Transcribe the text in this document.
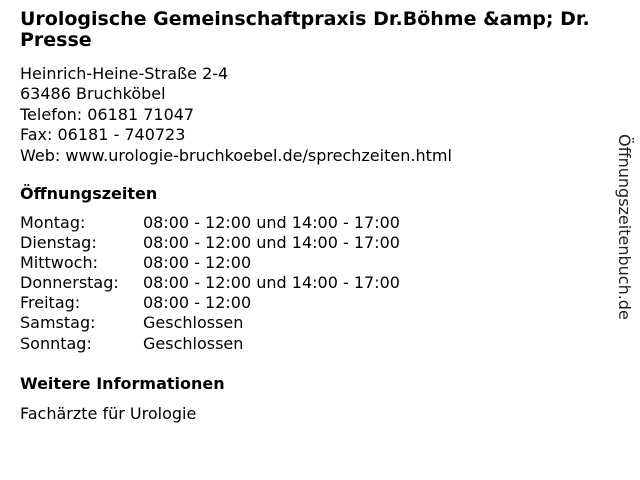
Urologische Gemeinschaftpraxis Dr.Böhme &amp; Dr. Presse
Heinrich-Heine-Straße 2-4
63486 Bruchköbel
Telefon: 06181 71047
Fax: 06181 - 740723
Web: www.urologie-bruchkoebel.de/sprechzeiten.html
Öffnungszeiten
Montag:	08:00 - 12:00 und 14:00 - 17:00
Dienstag:	08:00 - 12:00 und 14:00 - 17:00
Mittwoch:	08:00 - 12:00
Donnerstag:	08:00 - 12:00 und 14:00 - 17:00
Freitag:	08:00 - 12:00
Samstag:	Geschlossen
Sonntag:	Geschlossen
Weitere Informationen
Fachärzte für Urologie
Öffnungszeitenbuch.de
